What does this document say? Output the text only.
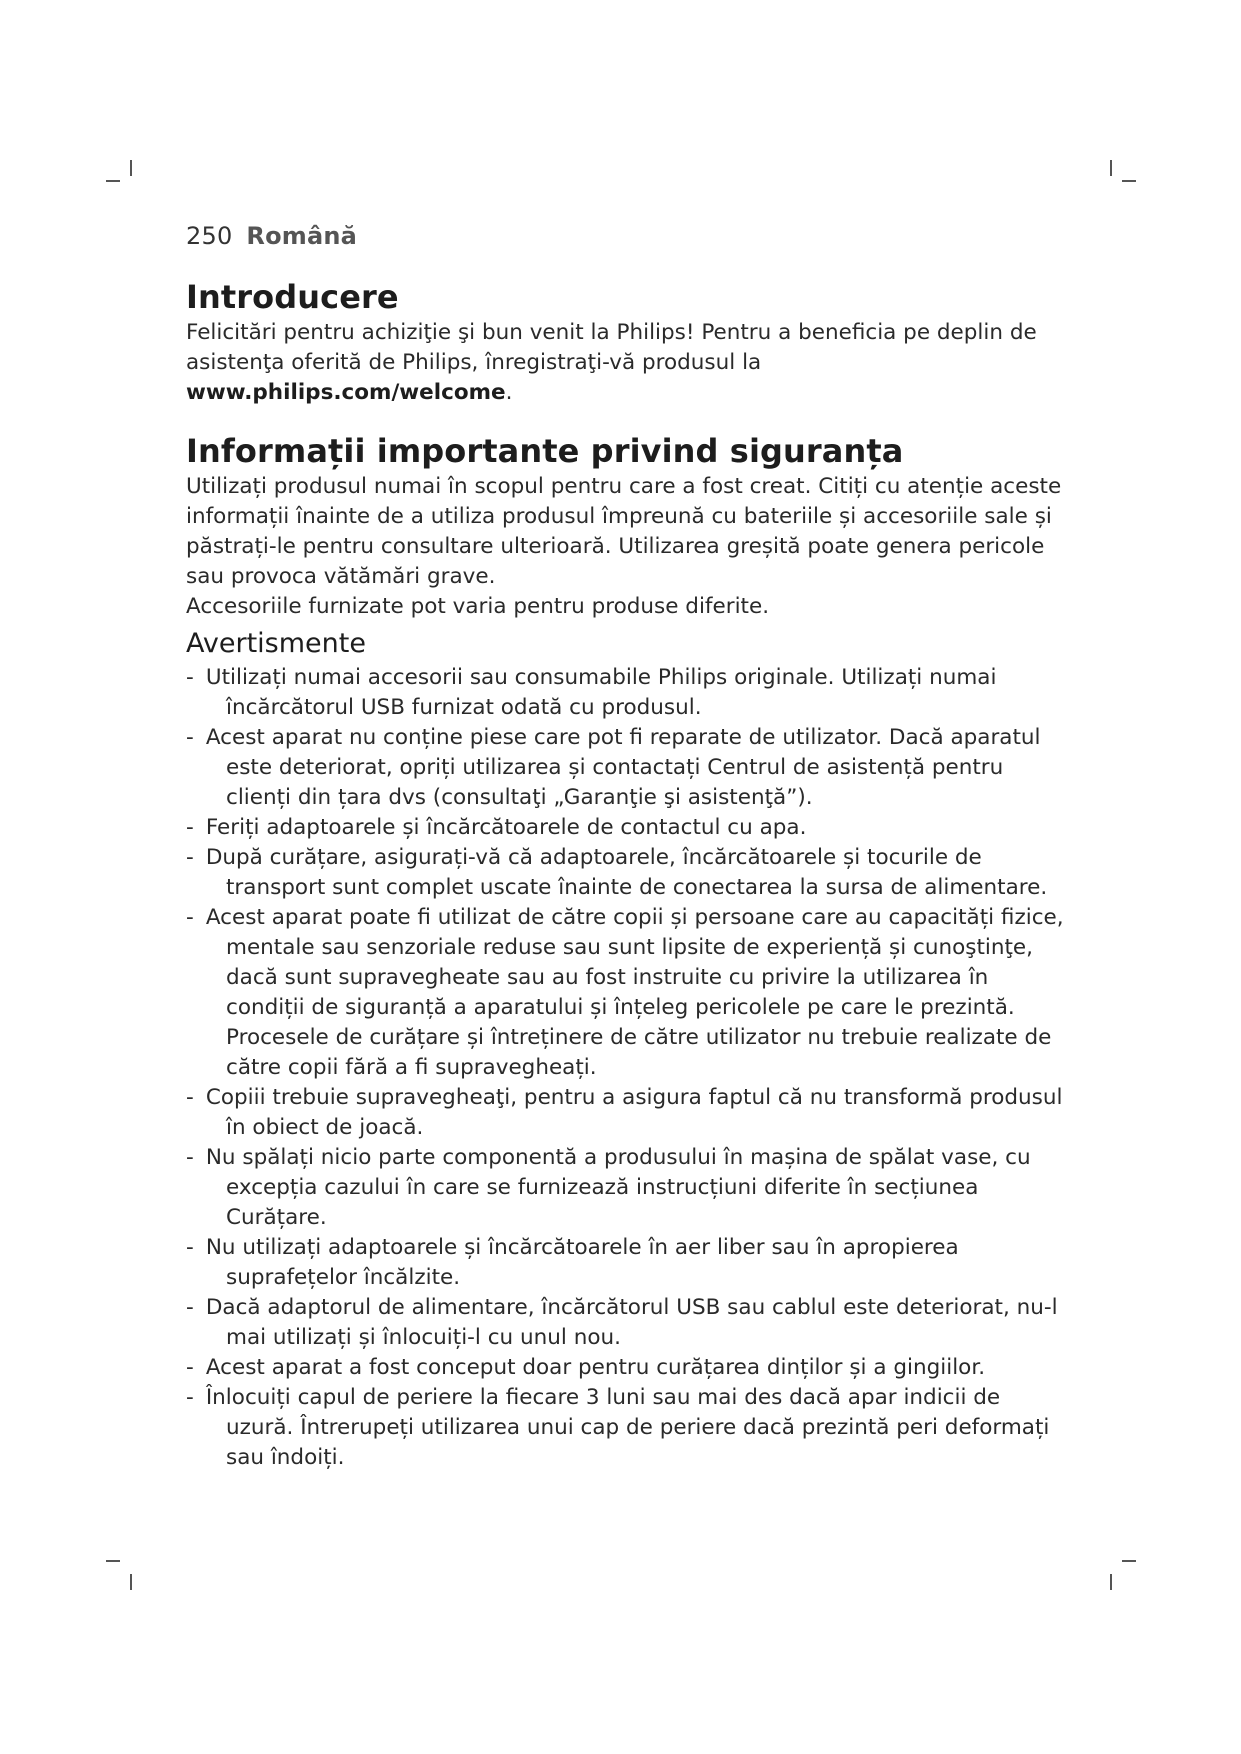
250 Română
Introducere

Felicitări pentru achiziţie şi bun venit la Philips! Pentru a beneficia pe deplin de asistenţa oferită de Philips, înregistraţi-vă produsul la
www.philips.com/welcome.

Informații importante privind siguranța

Utilizați produsul numai în scopul pentru care a fost creat. Citiți cu atenție aceste informații înainte de a utiliza produsul împreună cu bateriile și accesoriile sale și păstrați-le pentru consultare ulterioară. Utilizarea greșită poate genera pericole sau provoca vătămări grave.

Accesoriile furnizate pot varia pentru produse diferite.

Avertismente
- Utilizați numai accesorii sau consumabile Philips originale. Utilizați numai încărcătorul USB furnizat odată cu produsul.
- Acest aparat nu conține piese care pot fi reparate de utilizator. Dacă aparatul este deteriorat, opriți utilizarea și contactați Centrul de asistență pentru clienți din țara dvs (consultaţi „Garanţie şi asistenţă”).
- Feriți adaptoarele și încărcătoarele de contactul cu apa.
- După curățare, asigurați-vă că adaptoarele, încărcătoarele și tocurile de transport sunt complet uscate înainte de conectarea la sursa de alimentare.
- Acest aparat poate fi utilizat de către copii și persoane care au capacități fizice, mentale sau senzoriale reduse sau sunt lipsite de experiență și cunoştinţe, dacă sunt supravegheate sau au fost instruite cu privire la utilizarea în condiții de siguranță a aparatului și înțeleg pericolele pe care le prezintă. Procesele de curățare și întreținere de către utilizator nu trebuie realizate de către copii fără a fi supravegheați.
- Copiii trebuie supravegheaţi, pentru a asigura faptul că nu transformă produsul în obiect de joacă.
- Nu spălați nicio parte componentă a produsului în mașina de spălat vase, cu excepția cazului în care se furnizează instrucțiuni diferite în secțiunea Curățare.
- Nu utilizați adaptoarele și încărcătoarele în aer liber sau în apropierea suprafețelor încălzite.
- Dacă adaptorul de alimentare, încărcătorul USB sau cablul este deteriorat, nu-l mai utilizați și înlocuiți-l cu unul nou.
- Acest aparat a fost conceput doar pentru curățarea dinților și a gingiilor.
- Înlocuiți capul de periere la fiecare 3 luni sau mai des dacă apar indicii de uzură. Întrerupeți utilizarea unui cap de periere dacă prezintă peri deformați sau îndoiți.
